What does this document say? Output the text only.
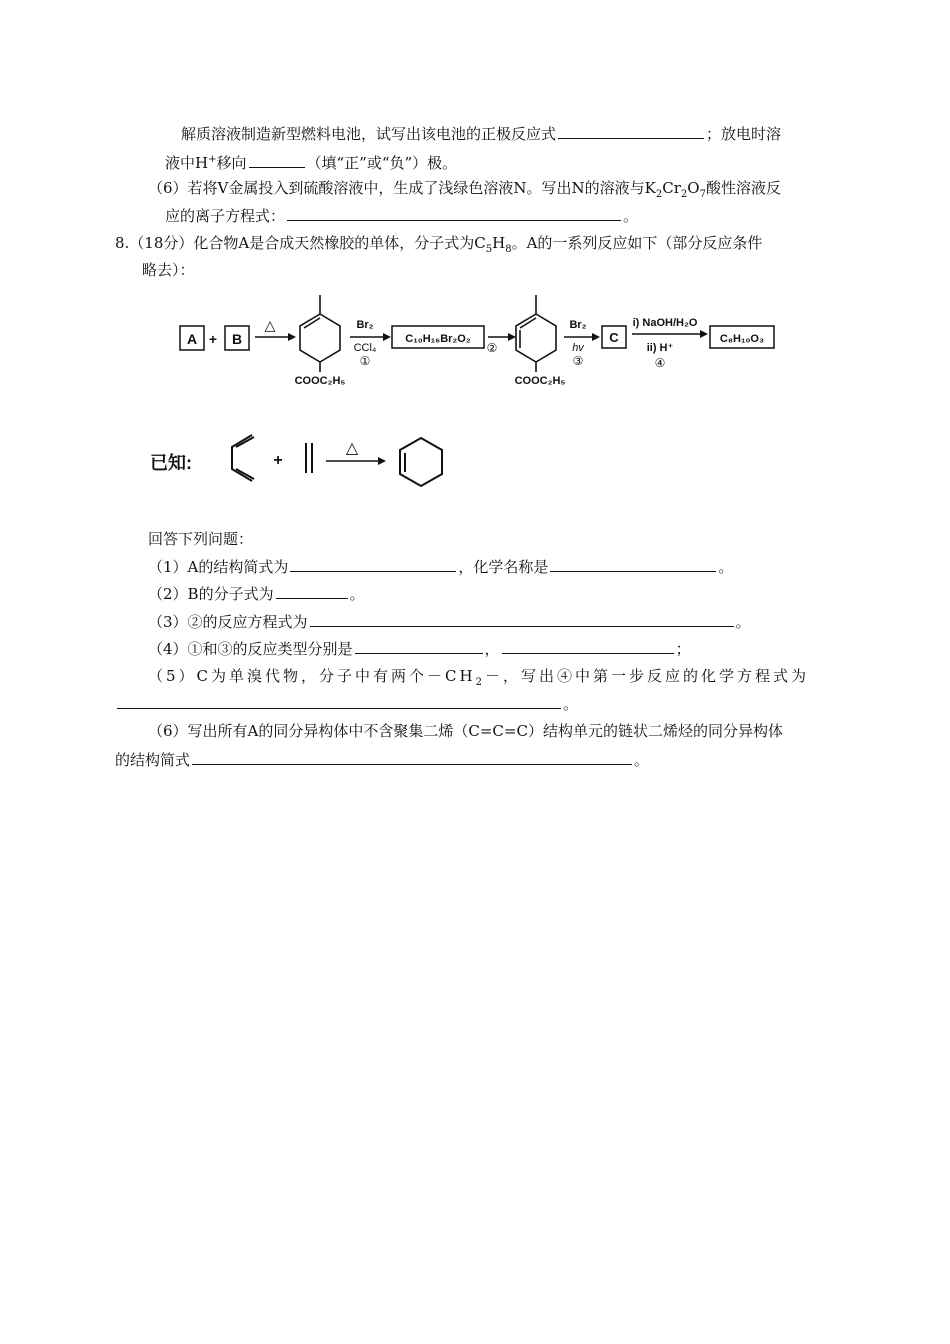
解质溶液制造新型燃料电池，试写出该电池的正极反应式	；放电时溶
液中H+移向	（填“正”或“负”）极。
（6）若将V金属投入到硫酸溶液中，生成了浅绿色溶液N。写出N的溶液与$K_2Cr_2O_7$酸性溶液反
应的离子方程式：	。
8.（18分）化合物A是合成天然橡胶的单体，分子式为$C_5H_8$。A的一系列反应如下（部分反应条件
略去）：
A + B
△
COOC₂H₅
Br₂
CCl₄
①
C₁₀H₁₆Br₂O₂
②
COOC₂H₅
Br₂
hv
③
C
i) NaOH/H₂O
ii) H⁺
④
C₈H₁₀O₃
已知:	+
△
回答下列问题：
（1）A的结构简式为	，化学名称是	。
（2）B的分子式为	。
（3）②的反应方程式为	。
（4）①和③的反应类型分别是	，	；
（5）C为单溴代物，分子中有两个$-CH_2-$，写出④中第一步反应的化学方程式为
。
（6）写出所有A的同分异构体中不含聚集二烯（C=C=C）结构单元的链状二烯烃的同分异构体
的结构简式	。
